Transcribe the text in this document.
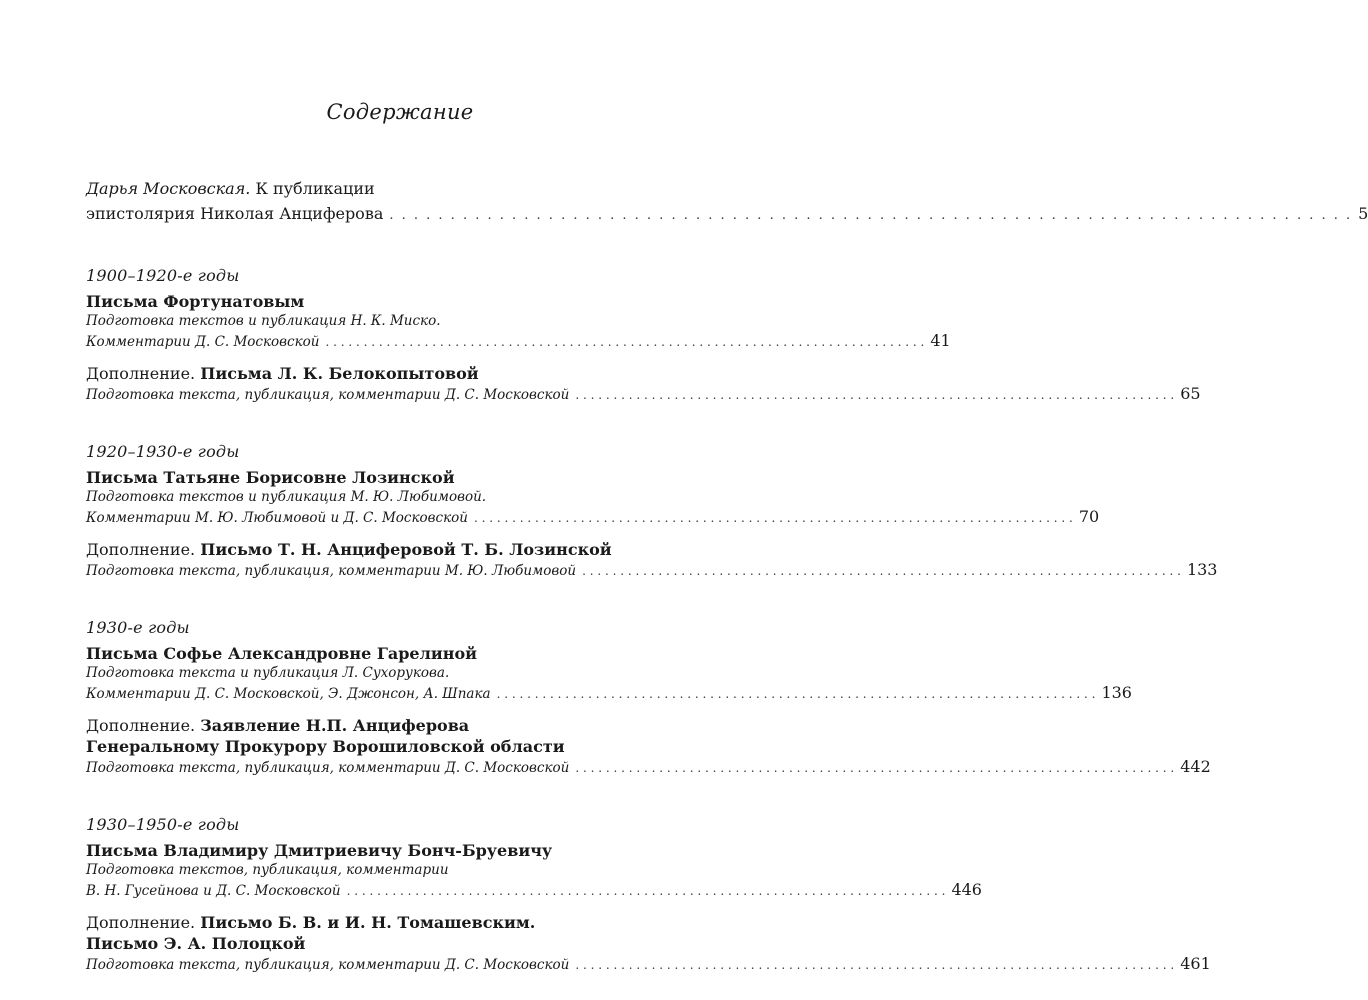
Содержание
Дарья Московская. К публикации
эпистолярия Николая Анциферова . . .	5
1900–1920-е годы
Письма Фортунатовым
Подготовка текстов и публикация Н. К. Миско.
Комментарии Д. С. Московской . . .	41
Дополнение. Письма Л. К. Белокопытовой
Подготовка текста, публикация, комментарии Д. С. Московской . . .	65
1920–1930-е годы
Письма Татьяне Борисовне Лозинской
Подготовка текстов и публикация М. Ю. Любимовой.
Комментарии М. Ю. Любимовой и Д. С. Московской . . .	70
Дополнение. Письмо Т. Н. Анциферовой Т. Б. Лозинской
Подготовка текста, публикация, комментарии М. Ю. Любимовой . . .	133
1930-е годы
Письма Софье Александровне Гарелиной
Подготовка текста и публикация Л. Сухорукова.
Комментарии Д. С. Московской, Э. Джонсон, А. Шпака . . .	136
Дополнение. Заявление Н.П. Анциферова
Генеральному Прокурору Ворошиловской области
Подготовка текста, публикация, комментарии Д. С. Московской . . .	442
1930–1950-е годы
Письма Владимиру Дмитриевичу Бонч-Бруевичу
Подготовка текстов, публикация, комментарии
В. Н. Гусейнова и Д. С. Московской . . .	446
Дополнение. Письмо Б. В. и И. Н. Томашевским.
Письмо Э. А. Полоцкой
Подготовка текста, публикация, комментарии Д. С. Московской . . .	461
